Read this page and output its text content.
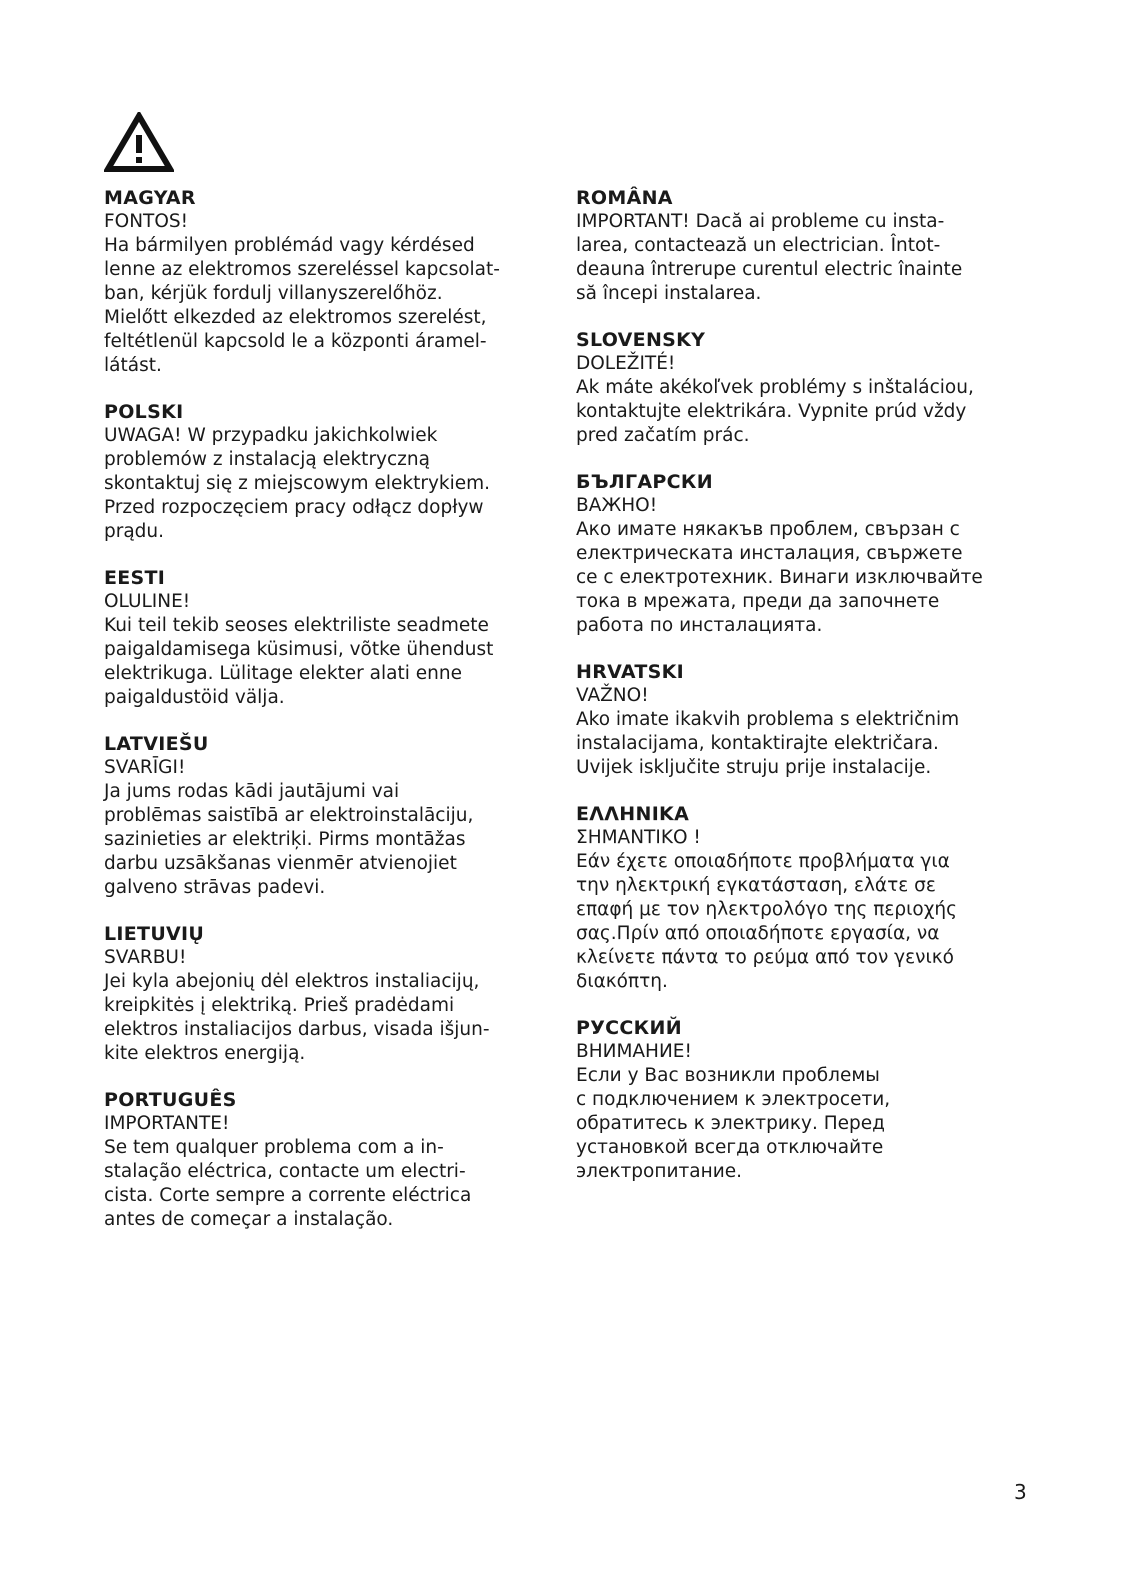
MAGYAR
FONTOS!
Ha bármilyen problémád vagy kérdésed
lenne az elektromos szereléssel kapcsolat-
ban, kérjük fordulj villanyszerelőhöz.
Mielőtt elkezded az elektromos szerelést,
feltétlenül kapcsold le a központi áramel-
látást.
POLSKI
UWAGA! W przypadku jakichkolwiek
problemów z instalacją elektryczną
skontaktuj się z miejscowym elektrykiem.
Przed rozpoczęciem pracy odłącz dopływ
prądu.
EESTI
OLULINE!
Kui teil tekib seoses elektriliste seadmete
paigaldamisega küsimusi, võtke ühendust
elektrikuga. Lülitage elekter alati enne
paigaldustöid välja.
LATVIEŠU
SVARĪGI!
Ja jums rodas kādi jautājumi vai
problēmas saistībā ar elektroinstalāciju,
sazinieties ar elektriķi. Pirms montāžas
darbu uzsākšanas vienmēr atvienojiet
galveno strāvas padevi.
LIETUVIŲ
SVARBU!
Jei kyla abejonių dėl elektros instaliacijų,
kreipkitės į elektriką. Prieš pradėdami
elektros instaliacijos darbus, visada išjun-
kite elektros energiją.
PORTUGUÊS
IMPORTANTE!
Se tem qualquer problema com a in-
stalação eléctrica, contacte um electri-
cista. Corte sempre a corrente eléctrica
antes de começar a instalação.
ROMÂNA
IMPORTANT! Dacă ai probleme cu insta-
larea, contactează un electrician. Întot-
deauna întrerupe curentul electric înainte
să începi instalarea.
SLOVENSKY
DOLEŽITÉ!
Ak máte akékoľvek problémy s inštaláciou,
kontaktujte elektrikára. Vypnite prúd vždy
pred začatím prác.
БЪЛГАРСКИ
ВАЖНО!
Ако имате някакъв проблем, свързан с
електрическата инсталация, свържете
се с електротехник. Винаги изключвайте
тока в мрежата, преди да започнете
работа по инсталацията.
HRVATSKI
VAŽNO!
Ako imate ikakvih problema s električnim
instalacijama, kontaktirajte električara.
Uvijek isključite struju prije instalacije.
ΕΛΛΗΝΙΚΑ
ΣΗΜΑΝΤΙΚΟ !
Εάν έχετε οποιαδήποτε προβλήματα για
την ηλεκτρική εγκατάσταση, ελάτε σε
επαφή με τον ηλεκτρολόγο της περιοχής
σας.Πρίν από οποιαδήποτε εργασία, να
κλείνετε πάντα το ρεύμα από τον γενικό
διακόπτη.
РУССКИЙ
ВНИМАНИЕ!
Если у Вас возникли проблемы
с подключением к электросети,
обратитесь к электрику. Перед
установкой всегда отключайте
электропитание.
3
